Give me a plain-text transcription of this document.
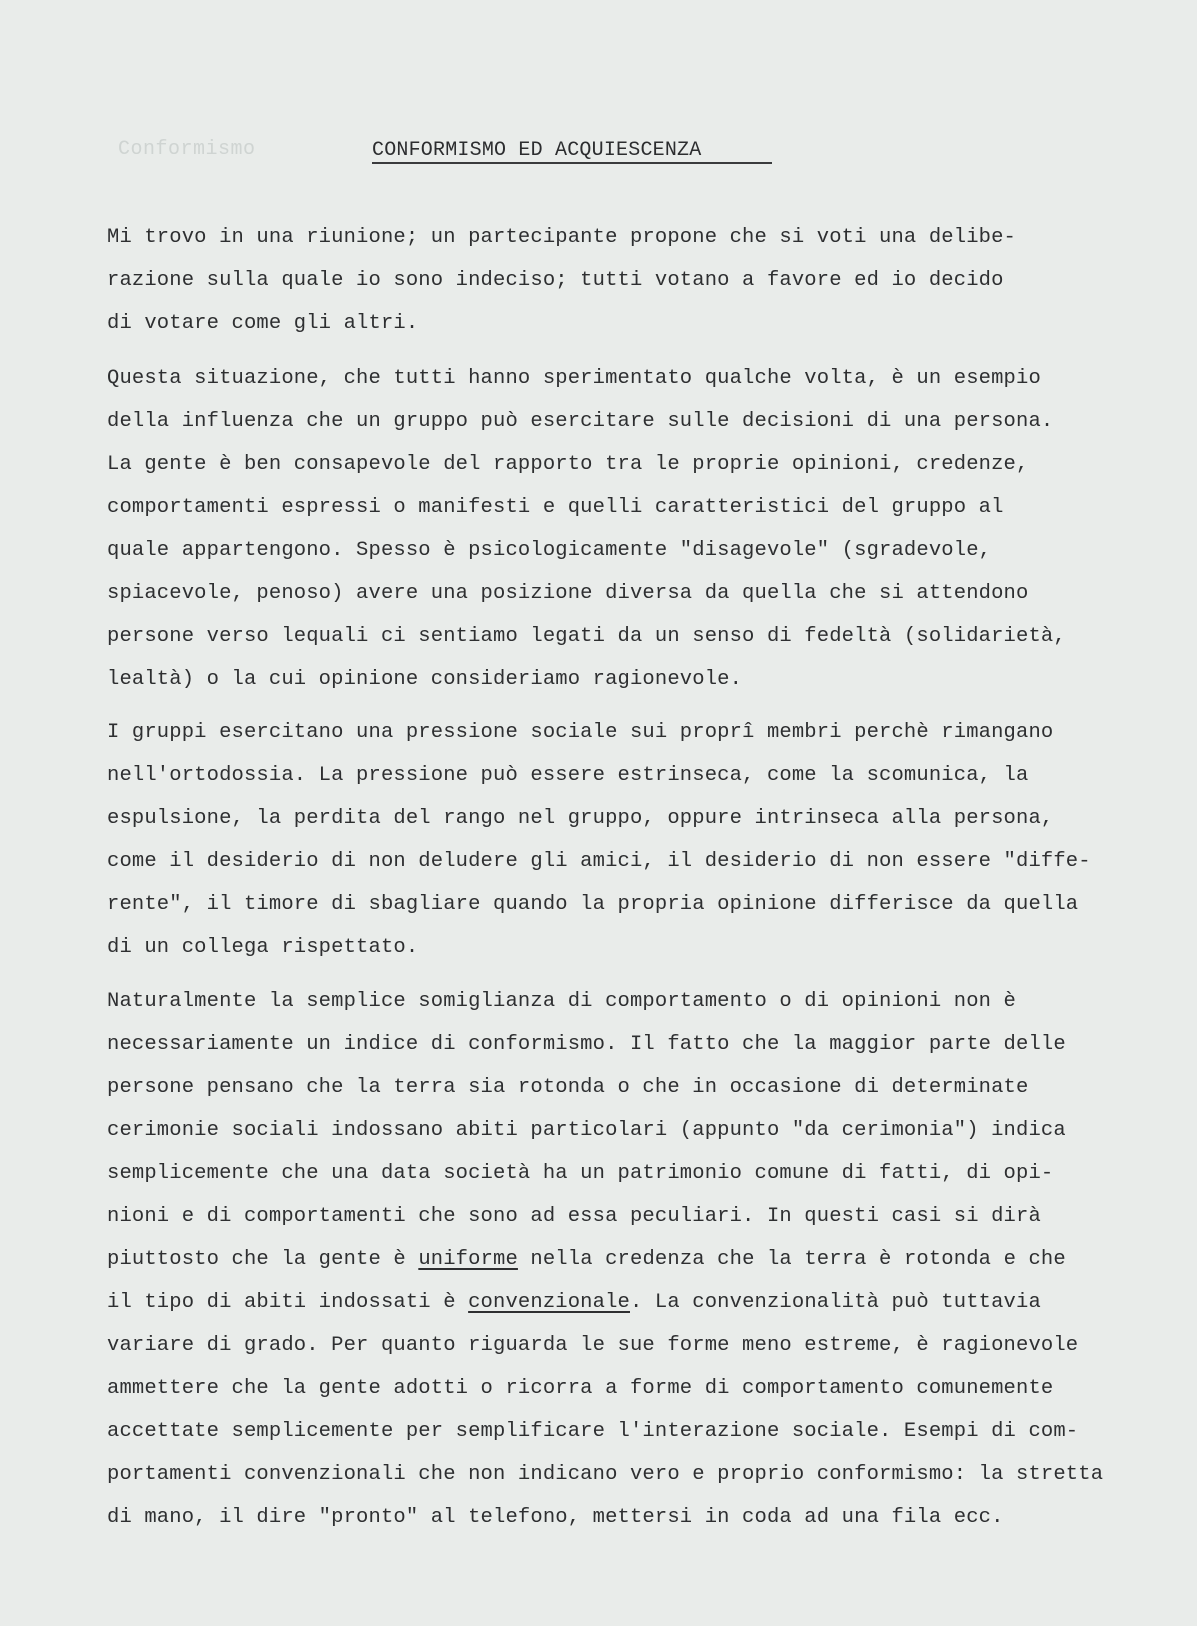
Conformismo	CONFORMISMO ED ACQUIESCENZA
Mi trovo in una riunione; un partecipante propone che si voti una delibe-
razione sulla quale io sono indeciso; tutti votano a favore ed io decido
di votare come gli altri.
Questa situazione, che tutti hanno sperimentato qualche volta, è un esempio
della influenza che un gruppo può esercitare sulle decisioni di una persona.
La gente è ben consapevole del rapporto tra le proprie opinioni, credenze,
comportamenti espressi o manifesti e quelli caratteristici del gruppo al
quale appartengono. Spesso è psicologicamente "disagevole" (sgradevole,
spiacevole, penoso) avere una posizione diversa da quella che si attendono
persone verso lequali ci sentiamo legati da un senso di fedeltà (solidarietà,
lealtà) o la cui opinione consideriamo ragionevole.
I gruppi esercitano una pressione sociale sui proprî membri perchè rimangano
nell'ortodossia. La pressione può essere estrinseca, come la scomunica, la
espulsione, la perdita del rango nel gruppo, oppure intrinseca alla persona,
come il desiderio di non deludere gli amici, il desiderio di non essere "diffe-
rente", il timore di sbagliare quando la propria opinione differisce da quella
di un collega rispettato.
Naturalmente la semplice somiglianza di comportamento o di opinioni non è
necessariamente un indice di conformismo. Il fatto che la maggior parte delle
persone pensano che la terra sia rotonda o che in occasione di determinate
cerimonie sociali indossano abiti particolari (appunto "da cerimonia") indica
semplicemente che una data società ha un patrimonio comune di fatti, di opi-
nioni e di comportamenti che sono ad essa peculiari. In questi casi si dirà
piuttosto che la gente è uniforme nella credenza che la terra è rotonda e che
il tipo di abiti indossati è convenzionale. La convenzionalità può tuttavia
variare di grado. Per quanto riguarda le sue forme meno estreme, è ragionevole
ammettere che la gente adotti o ricorra a forme di comportamento comunemente
accettate semplicemente per semplificare l'interazione sociale. Esempi di com-
portamenti convenzionali che non indicano vero e proprio conformismo: la stretta
di mano, il dire "pronto" al telefono, mettersi in coda ad una fila ecc.
